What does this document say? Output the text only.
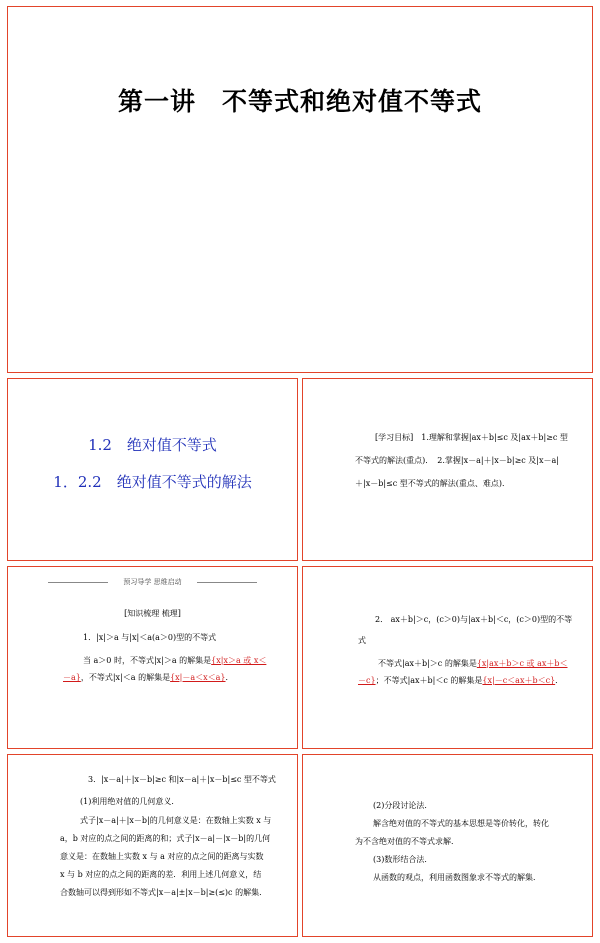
第一讲　不等式和绝对值不等式
1.2　绝对值不等式
1．2.2　绝对值不等式的解法
[学习目标]　1.理解和掌握|ax＋b|≤c 及|ax＋b|≥c 型
不等式的解法(重点)．　2.掌握|x－a|＋|x－b|≥c 及|x－a|
＋|x－b|≤c 型不等式的解法(重点、难点)．
预习导学 思维启动
[知识梳理 梳理]
1．|x|＞a 与|x|＜a(a＞0)型的不等式
当 a＞0 时，不等式|x|＞a 的解集是{x|x＞a 或 x＜
－a}，不等式|x|＜a 的解集是{x|－a＜x＜a}．
2． ax＋b|＞c，(c＞0)与|ax＋b|＜c，(c＞0)型的不等
式
不等式|ax＋b|＞c 的解集是{x|ax＋b＞c 或 ax＋b＜
－c}；不等式|ax＋b|＜c 的解集是{x|－c＜ax＋b＜c}．
3．|x－a|＋|x－b|≥c 和|x－a|＋|x－b|≤c 型不等式
(1)利用绝对值的几何意义．
式子|x－a|＋|x－b|的几何意义是：在数轴上实数 x 与
a，b 对应的点之间的距离的和；式子|x－a|－|x－b|的几何
意义是：在数轴上实数 x 与 a 对应的点之间的距离与实数
x 与 b 对应的点之间的距离的差．利用上述几何意义，结
合数轴可以得到形如不等式|x－a|±|x－b|≥(≤)c 的解集．
(2)分段讨论法．
解含绝对值的不等式的基本思想是等价转化，转化
为不含绝对值的不等式求解．
(3)数形结合法．
从函数的观点，利用函数图象求不等式的解集．
